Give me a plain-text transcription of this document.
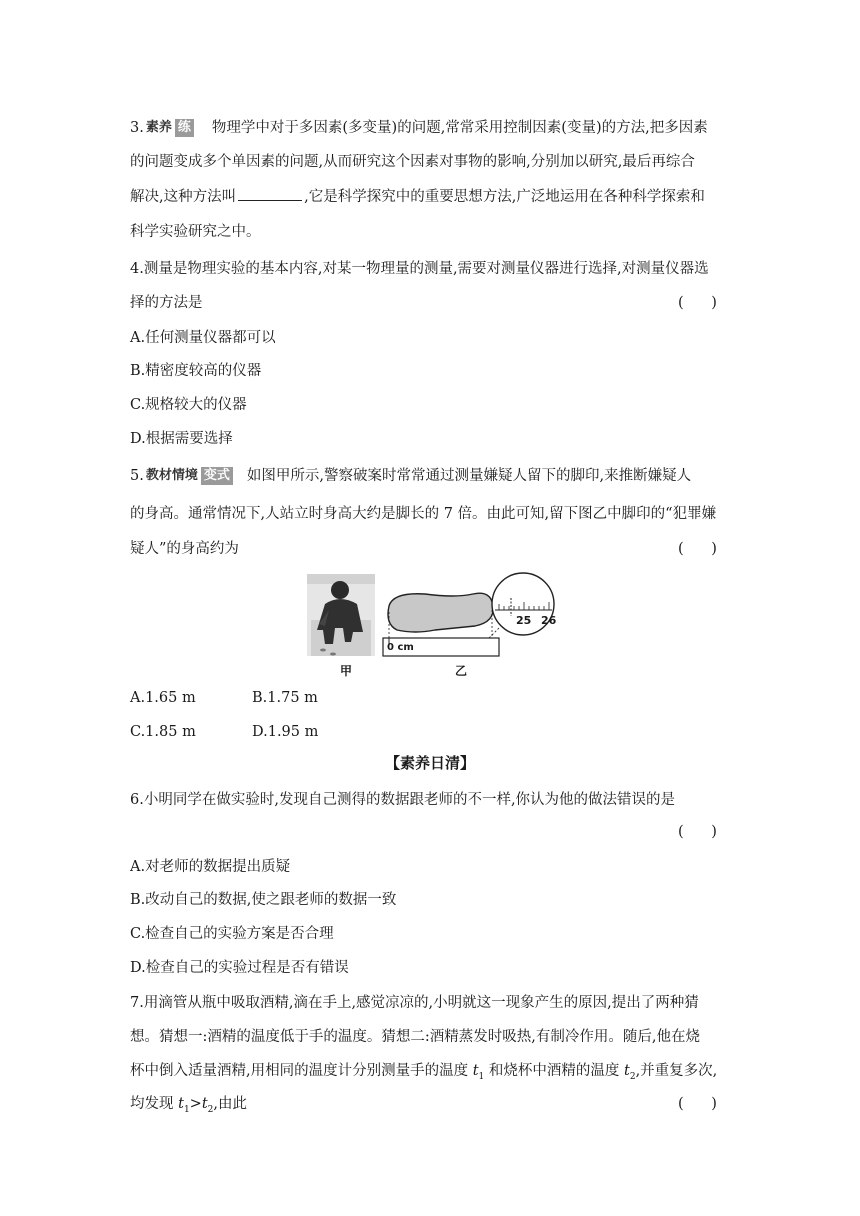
3. 素养 练 物理学中对于多因素(多变量)的问题,常常采用控制因素(变量)的方法,把多因素
的问题变成多个单因素的问题,从而研究这个因素对事物的影响,分别加以研究,最后再综合
解决,这种方法叫	,它是科学探究中的重要思想方法,广泛地运用在各种科学探索和
科学实验研究之中。
4.测量是物理实验的基本内容,对某一物理量的测量,需要对测量仪器进行选择,对测量仪器选
择的方法是	(      )
A.任何测量仪器都可以
B.精密度较高的仪器
C.规格较大的仪器
D.根据需要选择
5. 教材情境 变式 如图甲所示,警察破案时常常通过测量嫌疑人留下的脚印,来推断嫌疑人
的身高。通常情况下,人站立时身高大约是脚长的 7 倍。由此可知,留下图乙中脚印的“犯罪嫌
疑人”的身高约为	(      )
0 cm
25 26
甲	乙
A.1.65 m	B.1.75 m
C.1.85 m	D.1.95 m
【素养日清】
6.小明同学在做实验时,发现自己测得的数据跟老师的不一样,你认为他的做法错误的是
(      )
A.对老师的数据提出质疑
B.改动自己的数据,使之跟老师的数据一致
C.检查自己的实验方案是否合理
D.检查自己的实验过程是否有错误
7.用滴管从瓶中吸取酒精,滴在手上,感觉凉凉的,小明就这一现象产生的原因,提出了两种猜
想。猜想一:酒精的温度低于手的温度。猜想二:酒精蒸发时吸热,有制冷作用。随后,他在烧
杯中倒入适量酒精,用相同的温度计分别测量手的温度 $t_1$ 和烧杯中酒精的温度 $t_2$,并重复多次,
均发现 $t_1>t_2$,由此	(      )
